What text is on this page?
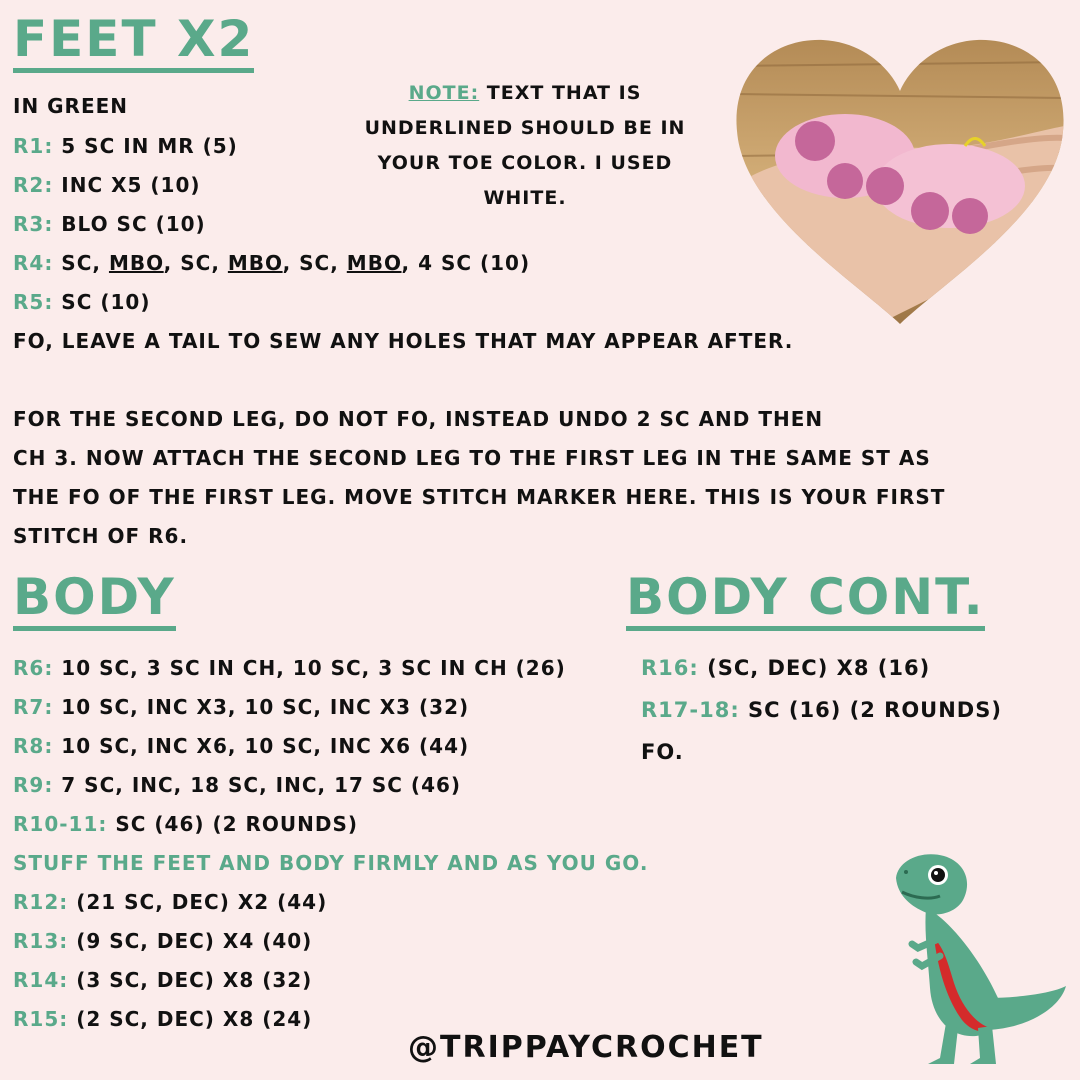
FEET X2
IN GREEN
R1: 5 SC IN MR (5)
R2: INC X5 (10)
R3: BLO SC (10)
R4: SC, MBO, SC, MBO, SC, MBO, 4 SC (10)
R5: SC (10)
FO, LEAVE A TAIL TO SEW ANY HOLES THAT MAY APPEAR AFTER.
FOR THE SECOND LEG, DO NOT FO, INSTEAD UNDO 2 SC AND THEN
CH 3. NOW ATTACH THE SECOND LEG TO THE FIRST LEG IN THE SAME ST AS
THE FO OF THE FIRST LEG. MOVE STITCH MARKER HERE. THIS IS YOUR FIRST
STITCH OF R6.
NOTE: TEXT THAT IS UNDERLINED SHOULD BE IN YOUR TOE COLOR. I USED WHITE.
BODY
R6: 10 SC, 3 SC IN CH, 10 SC, 3 SC IN CH (26)
R7: 10 SC, INC X3, 10 SC, INC X3 (32)
R8: 10 SC, INC X6, 10 SC, INC X6 (44)
R9: 7 SC, INC, 18 SC, INC, 17 SC (46)
R10-11: SC (46) (2 ROUNDS)
STUFF THE FEET AND BODY FIRMLY AND AS YOU GO.
R12: (21 SC, DEC) X2 (44)
R13: (9 SC, DEC) X4 (40)
R14: (3 SC, DEC) X8 (32)
R15: (2 SC, DEC) X8 (24)
BODY CONT.
R16: (SC, DEC) X8 (16)
R17-18: SC (16) (2 ROUNDS)
FO.
@TRIPPAYCROCHET
